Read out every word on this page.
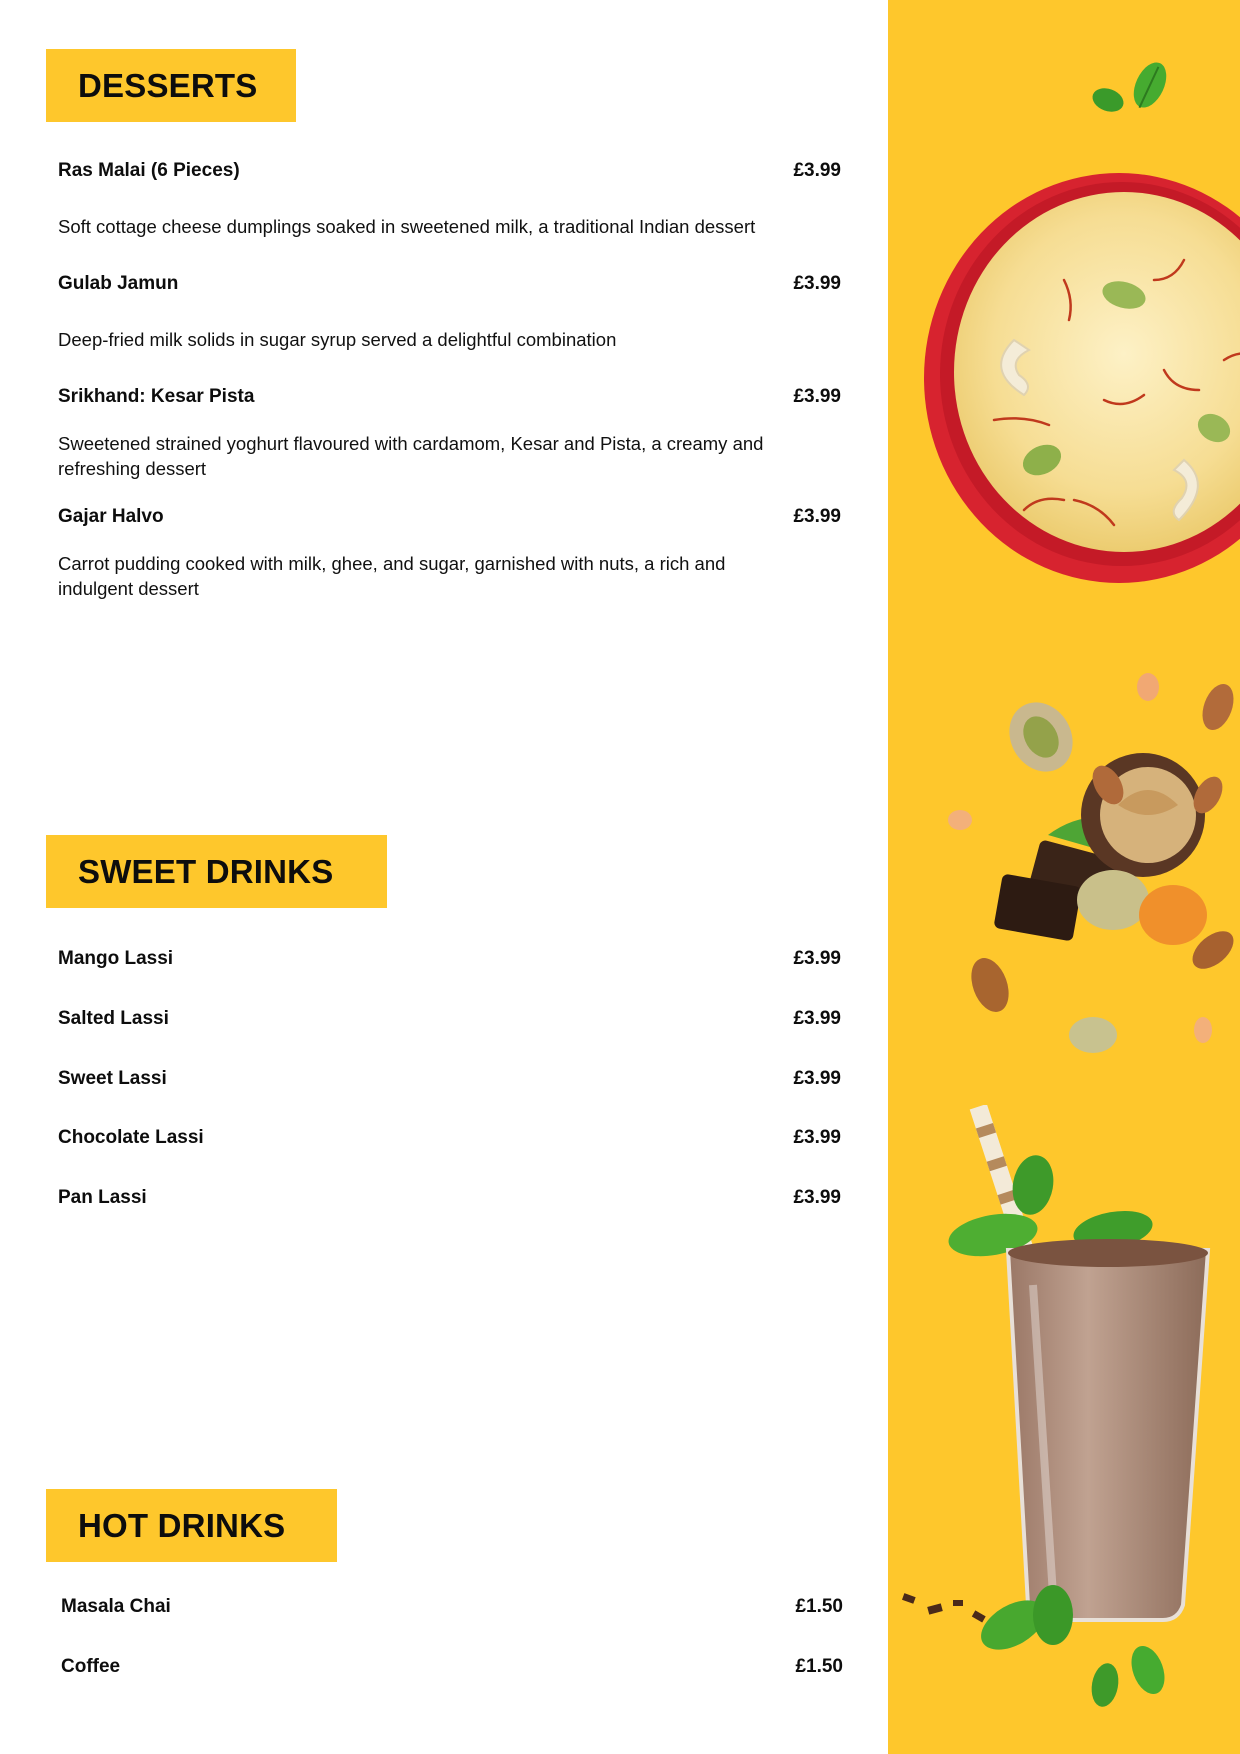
DESSERTS
Ras Malai (6 Pieces)	£3.99
Soft cottage cheese dumplings soaked in sweetened milk, a traditional Indian dessert
Gulab Jamun	£3.99
Deep-fried milk solids in sugar syrup served a delightful combination
Srikhand: Kesar Pista	£3.99
Sweetened strained yoghurt flavoured with cardamom, Kesar and Pista, a creamy and refreshing dessert
Gajar Halvo	£3.99
Carrot pudding cooked with milk, ghee, and sugar, garnished with nuts, a rich and indulgent dessert
SWEET DRINKS
Mango Lassi	£3.99
Salted Lassi	£3.99
Sweet Lassi	£3.99
Chocolate Lassi	£3.99
Pan Lassi	£3.99
HOT DRINKS
Masala Chai	£1.50
Coffee	£1.50
